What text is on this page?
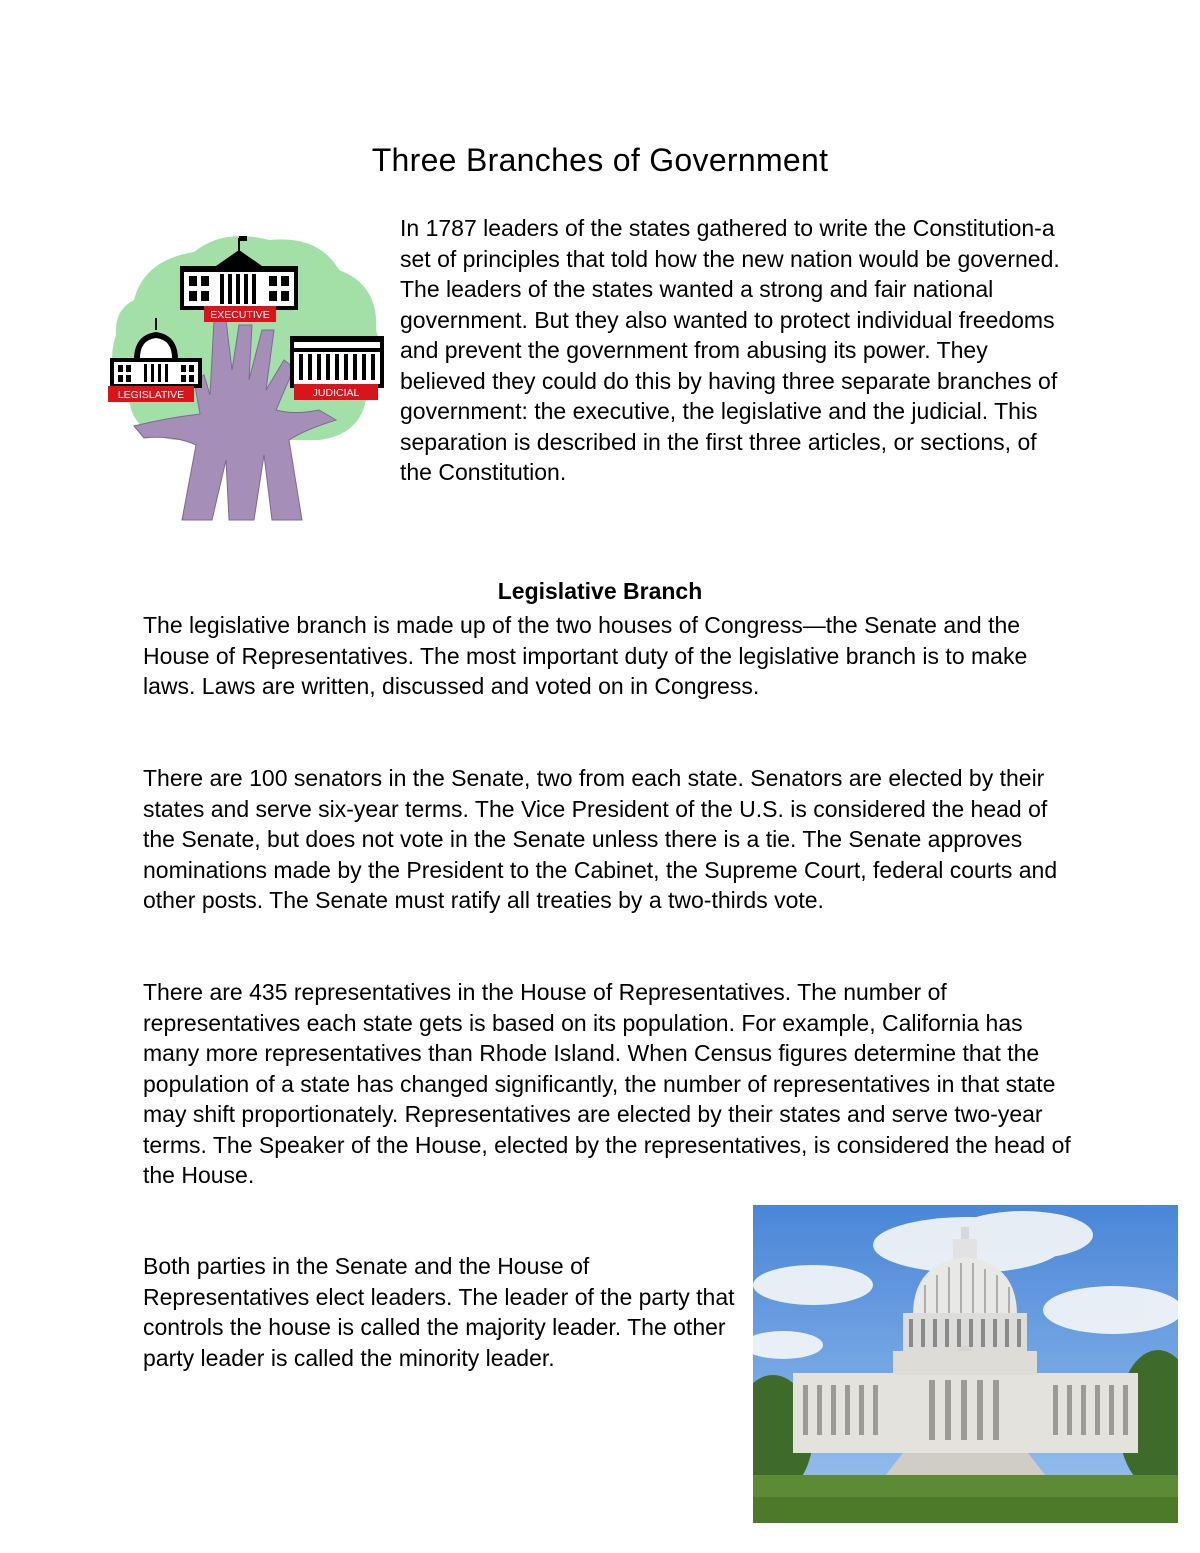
Three Branches of Government
EXECUTIVE
LEGISLATIVE	JUDICIAL

In 1787 leaders of the states gathered to write the Constitution-a set of principles that told how the new nation would be governed.

The leaders of the states wanted a strong and fair national government. But they also wanted to protect individual freedoms and prevent the government from abusing its power. They believed they could do this by having three separate branches of government: the executive, the legislative and the judicial. This separation is described in the first three articles, or sections, of the Constitution.

Legislative Branch

The legislative branch is made up of the two houses of Congress—the Senate and the House of Representatives. The most important duty of the legislative branch is to make laws. Laws are written, discussed and voted on in Congress.

There are 100 senators in the Senate, two from each state. Senators are elected by their states and serve six-year terms. The Vice President of the U.S. is considered the head of the Senate, but does not vote in the Senate unless there is a tie. The Senate approves nominations made by the President to the Cabinet, the Supreme Court, federal courts and other posts. The Senate must ratify all treaties by a two-thirds vote.

There are 435 representatives in the House of Representatives. The number of representatives each state gets is based on its population. For example, California has many more representatives than Rhode Island. When Census figures determine that the population of a state has changed significantly, the number of representatives in that state may shift proportionately. Representatives are elected by their states and serve two-year terms. The Speaker of the House, elected by the representatives, is considered the head of the House.

Both parties in the Senate and the House of Representatives elect leaders. The leader of the party that controls the house is called the majority leader. The other party leader is called the minority leader.
